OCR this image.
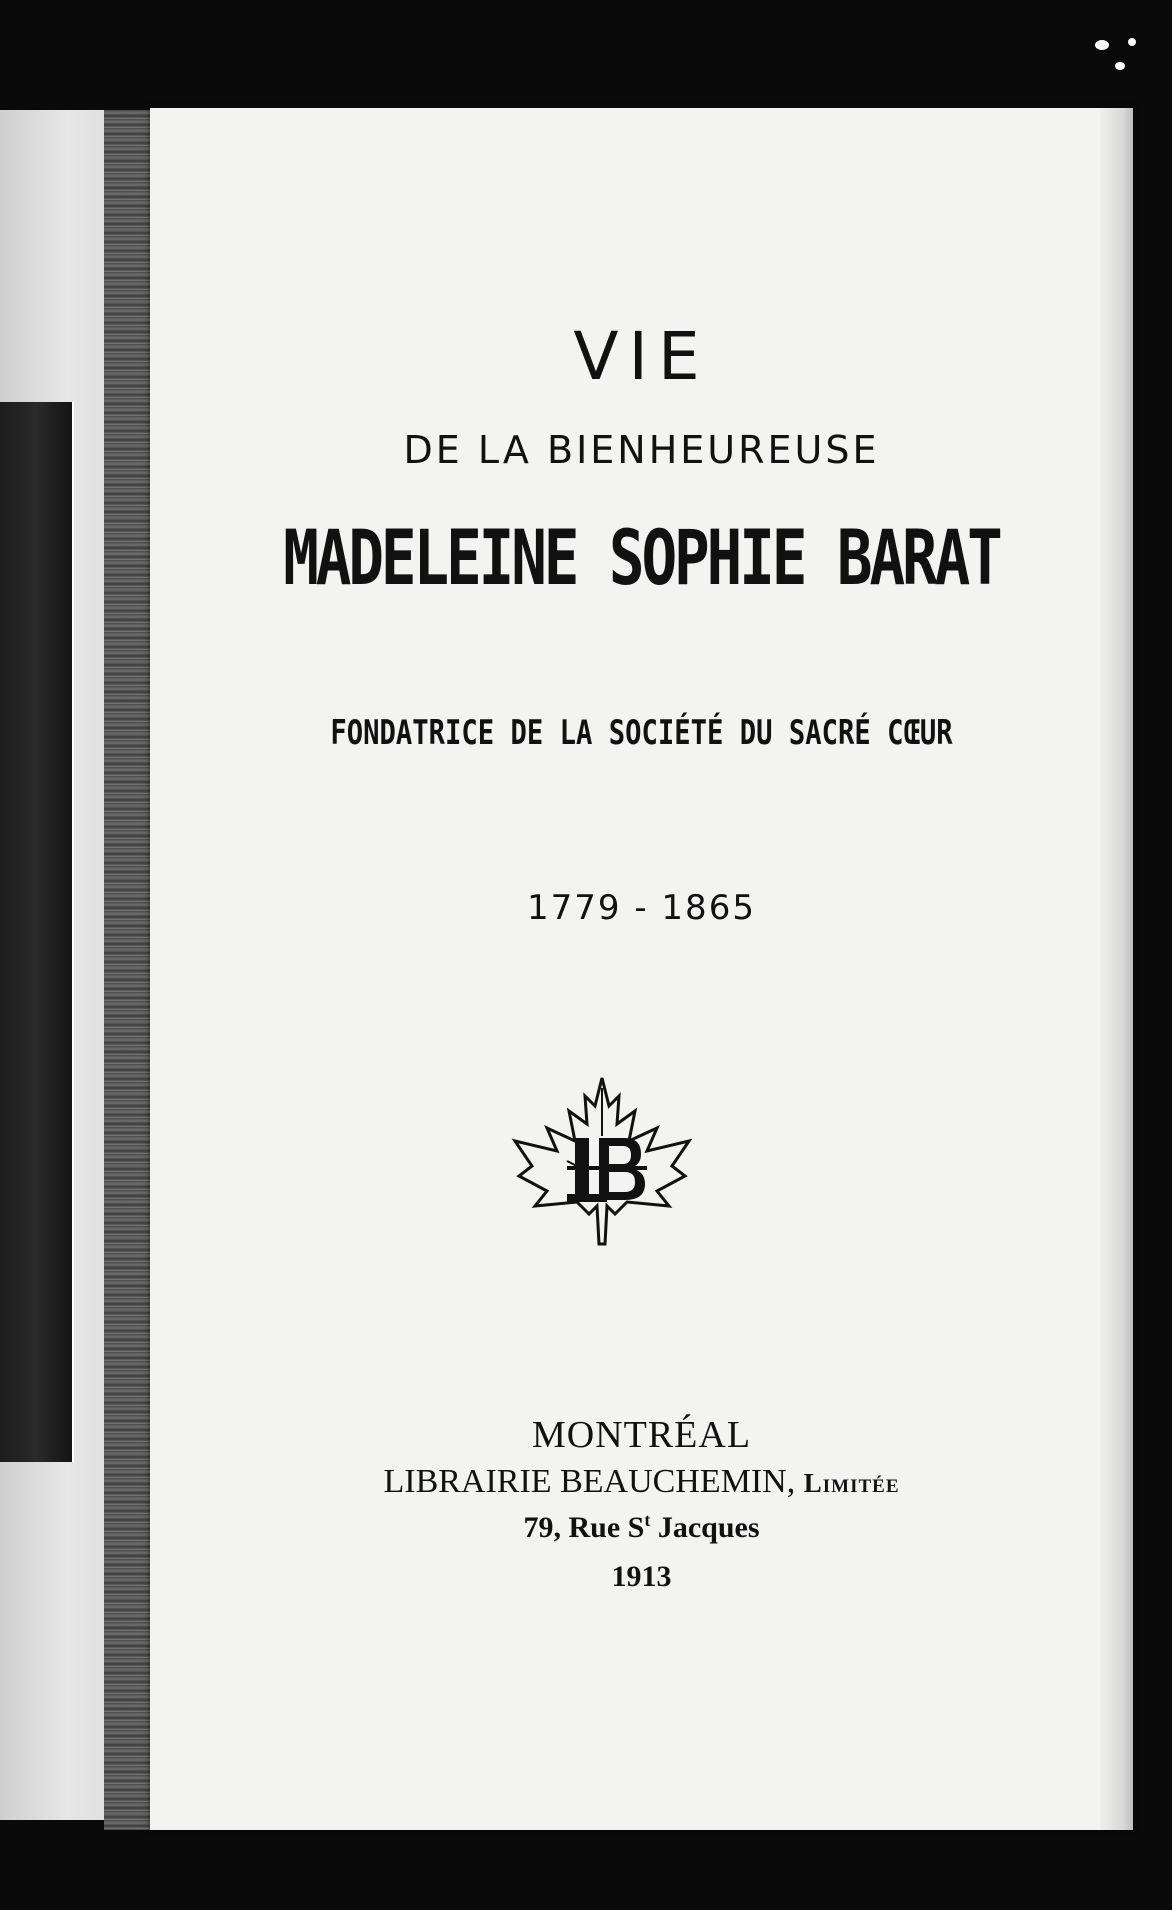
VIE
DE LA BIENHEUREUSE
MADELEINE SOPHIE BARAT
FONDATRICE DE LA SOCIÉTÉ DU SACRÉ CŒUR
1779 - 1865
MONTRÉAL
LIBRAIRIE BEAUCHEMIN, Limitée
79, Rue $S^t$ Jacques
1913
